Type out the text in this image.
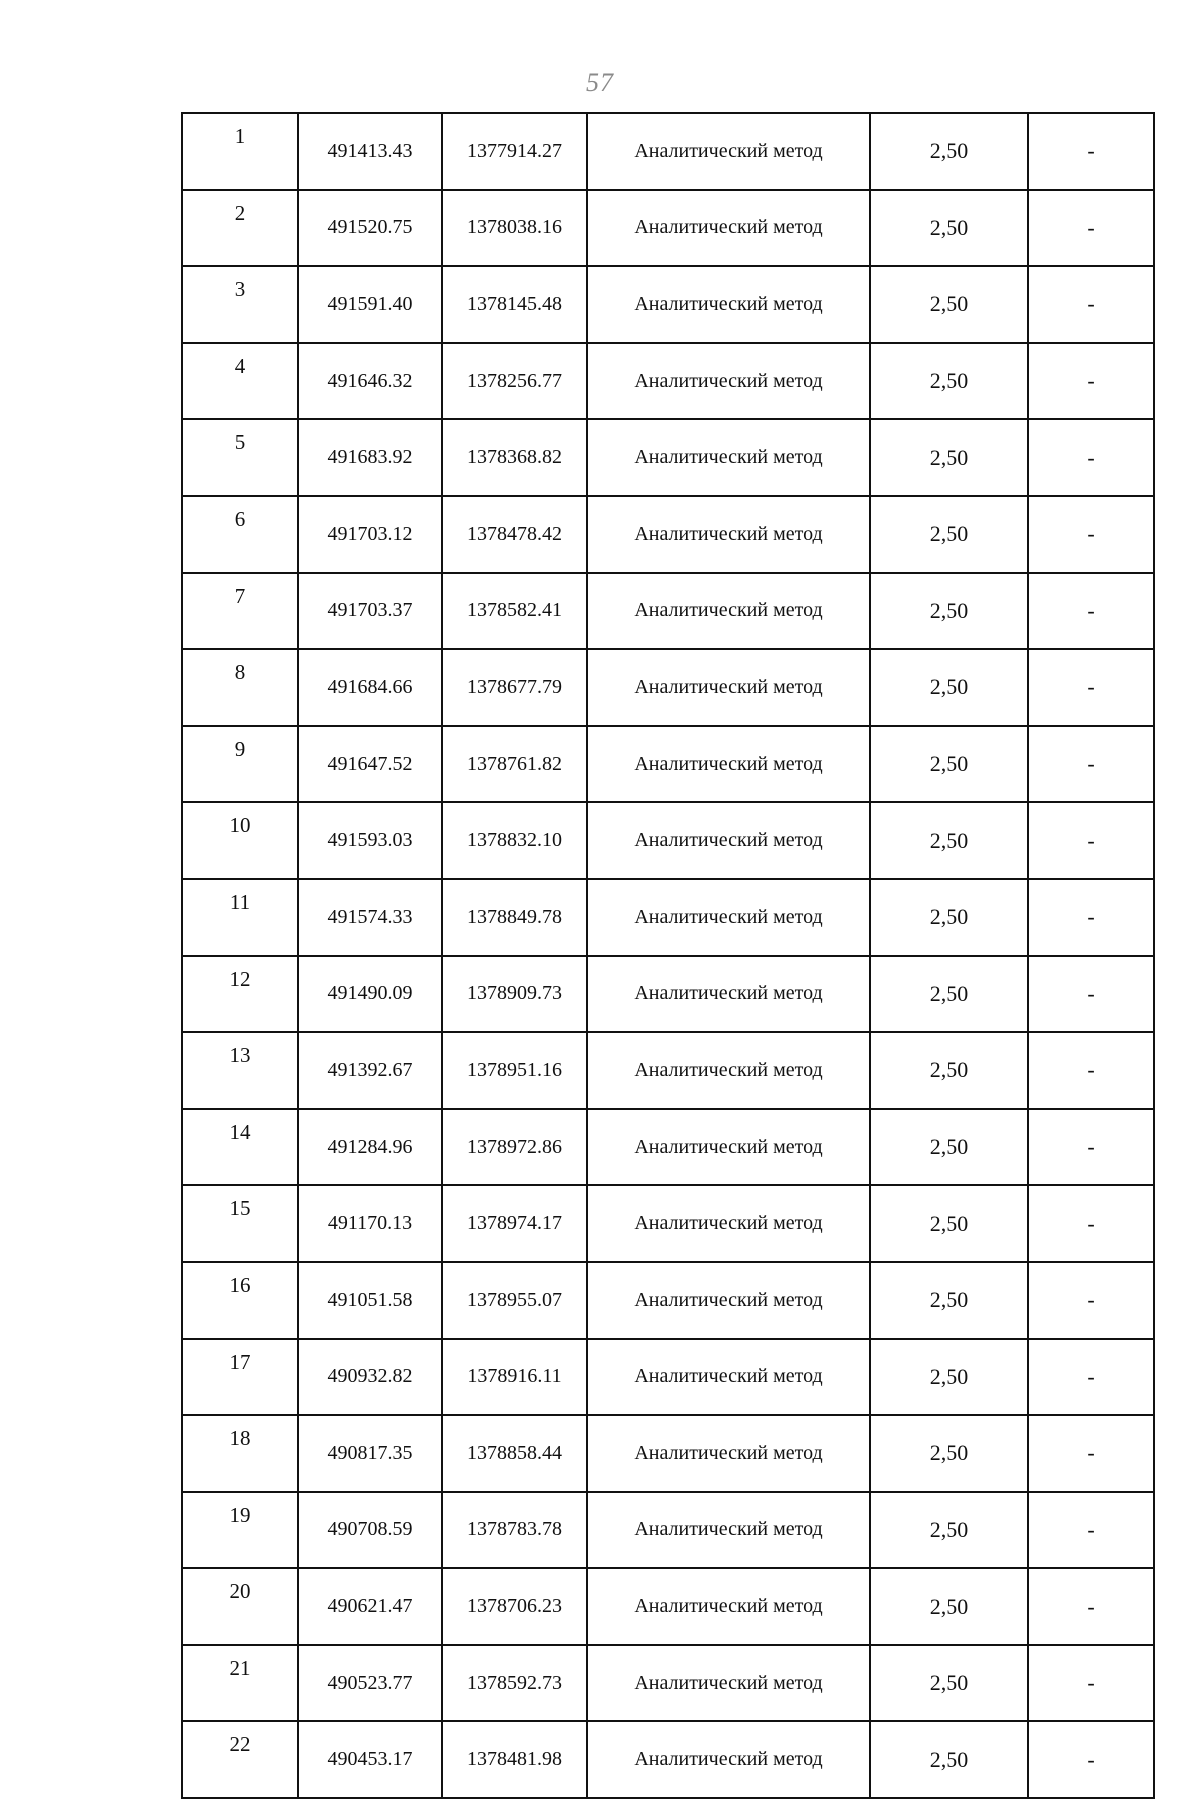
57
1	491413.43	1377914.27	Аналитический метод	2,50	-
2	491520.75	1378038.16	Аналитический метод	2,50	-
3	491591.40	1378145.48	Аналитический метод	2,50	-
4	491646.32	1378256.77	Аналитический метод	2,50	-
5	491683.92	1378368.82	Аналитический метод	2,50	-
6	491703.12	1378478.42	Аналитический метод	2,50	-
7	491703.37	1378582.41	Аналитический метод	2,50	-
8	491684.66	1378677.79	Аналитический метод	2,50	-
9	491647.52	1378761.82	Аналитический метод	2,50	-
10	491593.03	1378832.10	Аналитический метод	2,50	-
11	491574.33	1378849.78	Аналитический метод	2,50	-
12	491490.09	1378909.73	Аналитический метод	2,50	-
13	491392.67	1378951.16	Аналитический метод	2,50	-
14	491284.96	1378972.86	Аналитический метод	2,50	-
15	491170.13	1378974.17	Аналитический метод	2,50	-
16	491051.58	1378955.07	Аналитический метод	2,50	-
17	490932.82	1378916.11	Аналитический метод	2,50	-
18	490817.35	1378858.44	Аналитический метод	2,50	-
19	490708.59	1378783.78	Аналитический метод	2,50	-
20	490621.47	1378706.23	Аналитический метод	2,50	-
21	490523.77	1378592.73	Аналитический метод	2,50	-
22	490453.17	1378481.98	Аналитический метод	2,50	-
